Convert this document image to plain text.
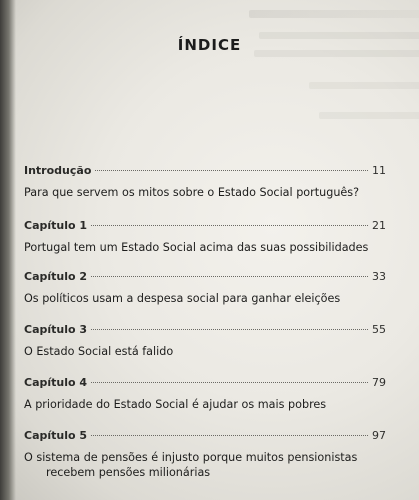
ÍNDICE
Introdução	11
Para que servem os mitos sobre o Estado Social português?
Capítulo 1	21
Portugal tem um Estado Social acima das suas possibilidades
Capítulo 2	33
Os políticos usam a despesa social para ganhar eleições
Capítulo 3	55
O Estado Social está falido
Capítulo 4	79
A prioridade do Estado Social é ajudar os mais pobres
Capítulo 5	97
O sistema de pensões é injusto porque muitos pensionistas
recebem pensões milionárias
